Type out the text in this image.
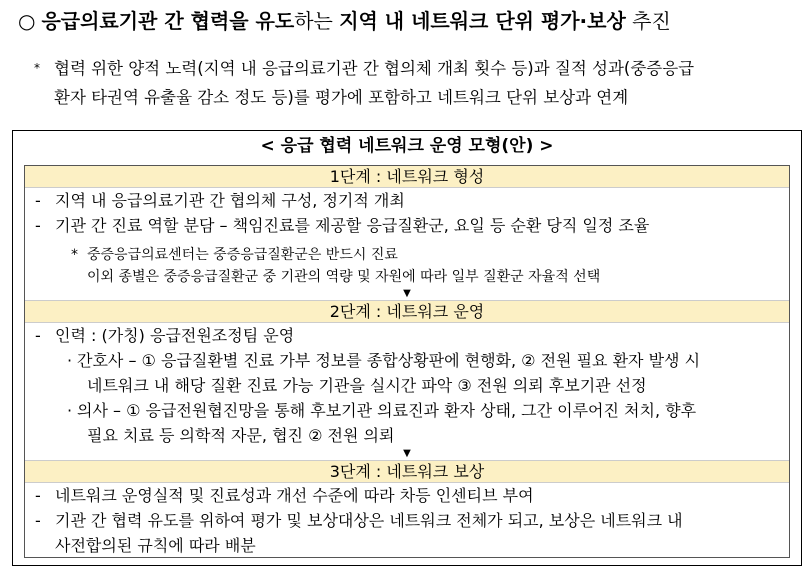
○ 응급의료기관 간 협력을 유도하는 지역 내 네트워크 단위 평가·보상 추진
* 협력 위한 양적 노력(지역 내 응급의료기관 간 협의체 개최 횟수 등)과 질적 성과(중증응급
환자 타권역 유출율 감소 정도 등)를 평가에 포함하고 네트워크 단위 보상과 연계
< 응급 협력 네트워크 운영 모형(안) >
1단계 : 네트워크 형성
- 지역 내 응급의료기관 간 협의체 구성, 정기적 개최
- 기관 간 진료 역할 분담 – 책임진료를 제공할 응급질환군, 요일 등 순환 당직 일정 조율
* 중증응급의료센터는 중증응급질환군은 반드시 진료
이외 종별은 중증응급질환군 중 기관의 역량 및 자원에 따라 일부 질환군 자율적 선택
▼
2단계 : 네트워크 운영
- 인력 : (가칭) 응급전원조정팀 운영
· 간호사 – ① 응급질환별 진료 가부 정보를 종합상황판에 현행화, ② 전원 필요 환자 발생 시
네트워크 내 해당 질환 진료 가능 기관을 실시간 파악 ③ 전원 의뢰 후보기관 선정
· 의사 – ① 응급전원협진망을 통해 후보기관 의료진과 환자 상태, 그간 이루어진 처치, 향후
필요 치료 등 의학적 자문, 협진 ② 전원 의뢰
▼
3단계 : 네트워크 보상
- 네트워크 운영실적 및 진료성과 개선 수준에 따라 차등 인센티브 부여
- 기관 간 협력 유도를 위하여 평가 및 보상대상은 네트워크 전체가 되고, 보상은 네트워크 내
사전합의된 규칙에 따라 배분
